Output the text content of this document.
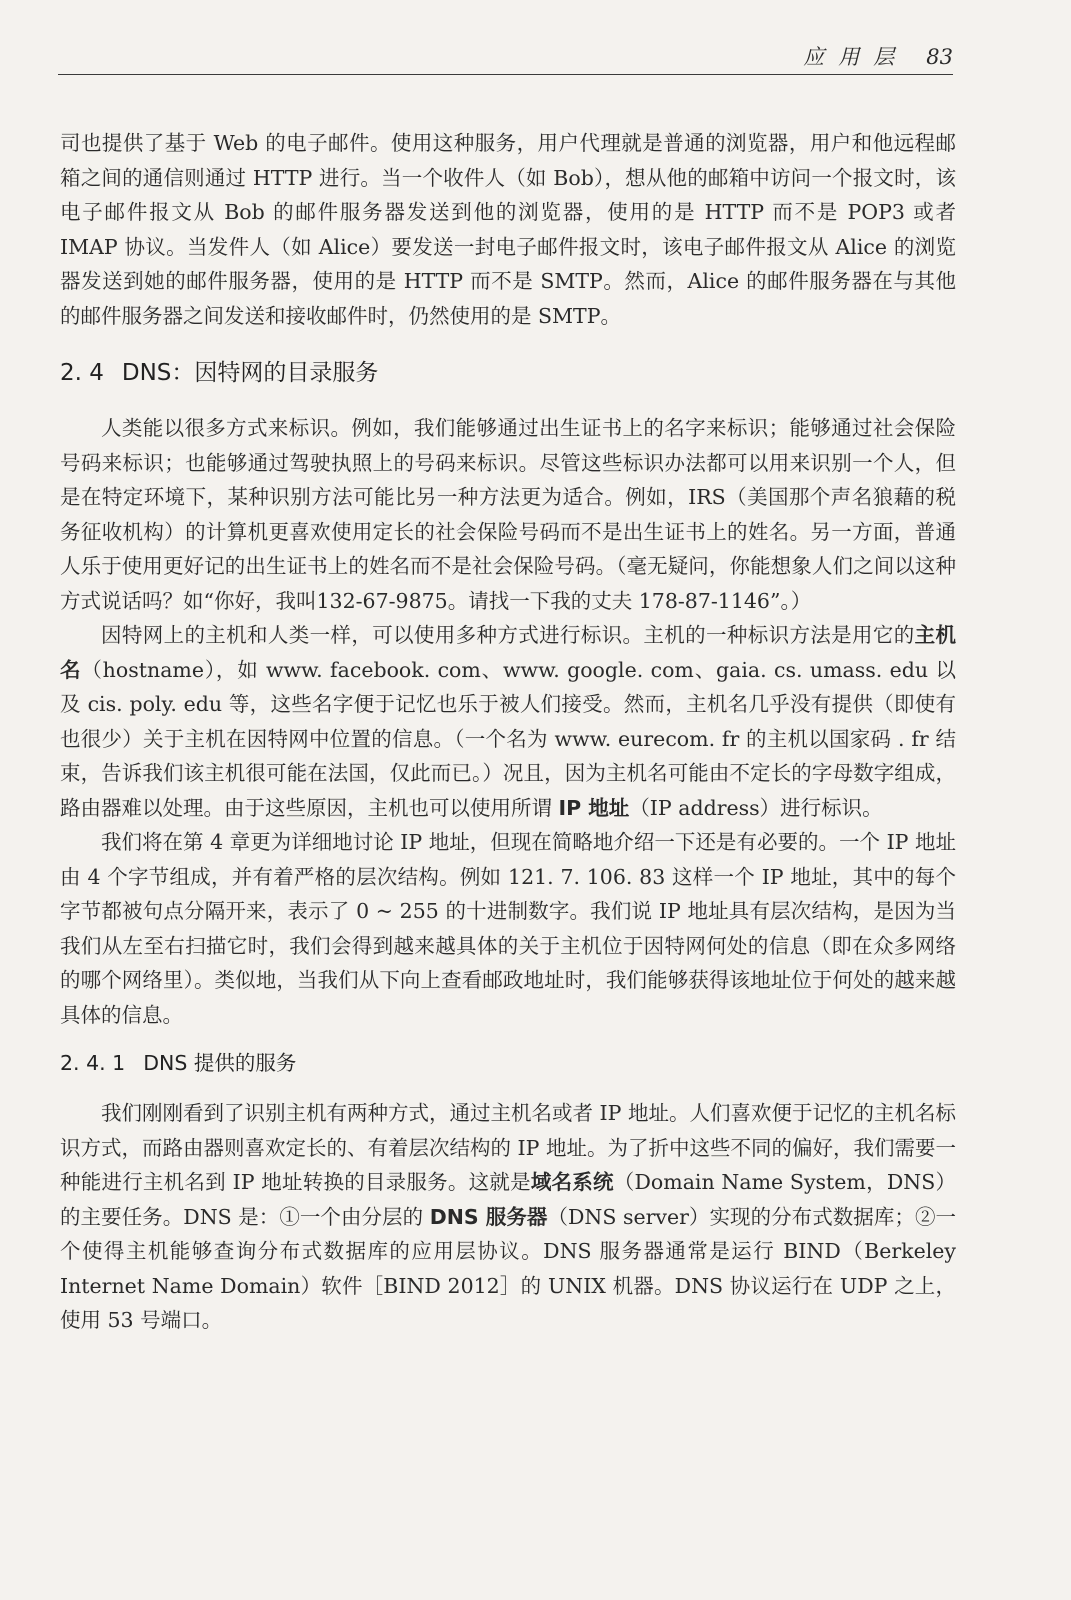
应用层 83

司也提供了基于 Web 的电子邮件。使用这种服务，用户代理就是普通的浏览器，用户和他远程邮箱之间的通信则通过 HTTP 进行。当一个收件人（如 Bob），想从他的邮箱中访问一个报文时，该电子邮件报文从 Bob 的邮件服务器发送到他的浏览器，使用的是 HTTP 而不是 POP3 或者 IMAP 协议。当发件人（如 Alice）要发送一封电子邮件报文时，该电子邮件报文从 Alice 的浏览器发送到她的邮件服务器，使用的是 HTTP 而不是 SMTP。然而，Alice 的邮件服务器在与其他的邮件服务器之间发送和接收邮件时，仍然使用的是 SMTP。

2. 4 DNS：因特网的目录服务

人类能以很多方式来标识。例如，我们能够通过出生证书上的名字来标识；能够通过社会保险号码来标识；也能够通过驾驶执照上的号码来标识。尽管这些标识办法都可以用来识别一个人，但是在特定环境下，某种识别方法可能比另一种方法更为适合。例如，IRS（美国那个声名狼藉的税务征收机构）的计算机更喜欢使用定长的社会保险号码而不是出生证书上的姓名。另一方面，普通人乐于使用更好记的出生证书上的姓名而不是社会保险号码。（毫无疑问，你能想象人们之间以这种方式说话吗？如“你好，我叫132-67-9875。请找一下我的丈夫 178-87-1146”。）

因特网上的主机和人类一样，可以使用多种方式进行标识。主机的一种标识方法是用它的主机名（hostname），如 www. facebook. com、www. google. com、gaia. cs. umass. edu 以及 cis. poly. edu 等，这些名字便于记忆也乐于被人们接受。然而，主机名几乎没有提供（即使有也很少）关于主机在因特网中位置的信息。（一个名为 www. eurecom. fr 的主机以国家码 . fr 结束，告诉我们该主机很可能在法国，仅此而已。）况且，因为主机名可能由不定长的字母数字组成，路由器难以处理。由于这些原因，主机也可以使用所谓 IP 地址（IP address）进行标识。

我们将在第 4 章更为详细地讨论 IP 地址，但现在简略地介绍一下还是有必要的。一个 IP 地址由 4 个字节组成，并有着严格的层次结构。例如 121. 7. 106. 83 这样一个 IP 地址，其中的每个字节都被句点分隔开来，表示了 0 ~ 255 的十进制数字。我们说 IP 地址具有层次结构，是因为当我们从左至右扫描它时，我们会得到越来越具体的关于主机位于因特网何处的信息（即在众多网络的哪个网络里）。类似地，当我们从下向上查看邮政地址时，我们能够获得该地址位于何处的越来越具体的信息。

2. 4. 1 DNS 提供的服务

我们刚刚看到了识别主机有两种方式，通过主机名或者 IP 地址。人们喜欢便于记忆的主机名标识方式，而路由器则喜欢定长的、有着层次结构的 IP 地址。为了折中这些不同的偏好，我们需要一种能进行主机名到 IP 地址转换的目录服务。这就是域名系统（Domain Name System，DNS）的主要任务。DNS 是：①一个由分层的 DNS 服务器（DNS server）实现的分布式数据库；②一个使得主机能够查询分布式数据库的应用层协议。DNS 服务器通常是运行 BIND（Berkeley Internet Name Domain）软件［BIND 2012］的 UNIX 机器。DNS 协议运行在 UDP 之上，使用 53 号端口。
